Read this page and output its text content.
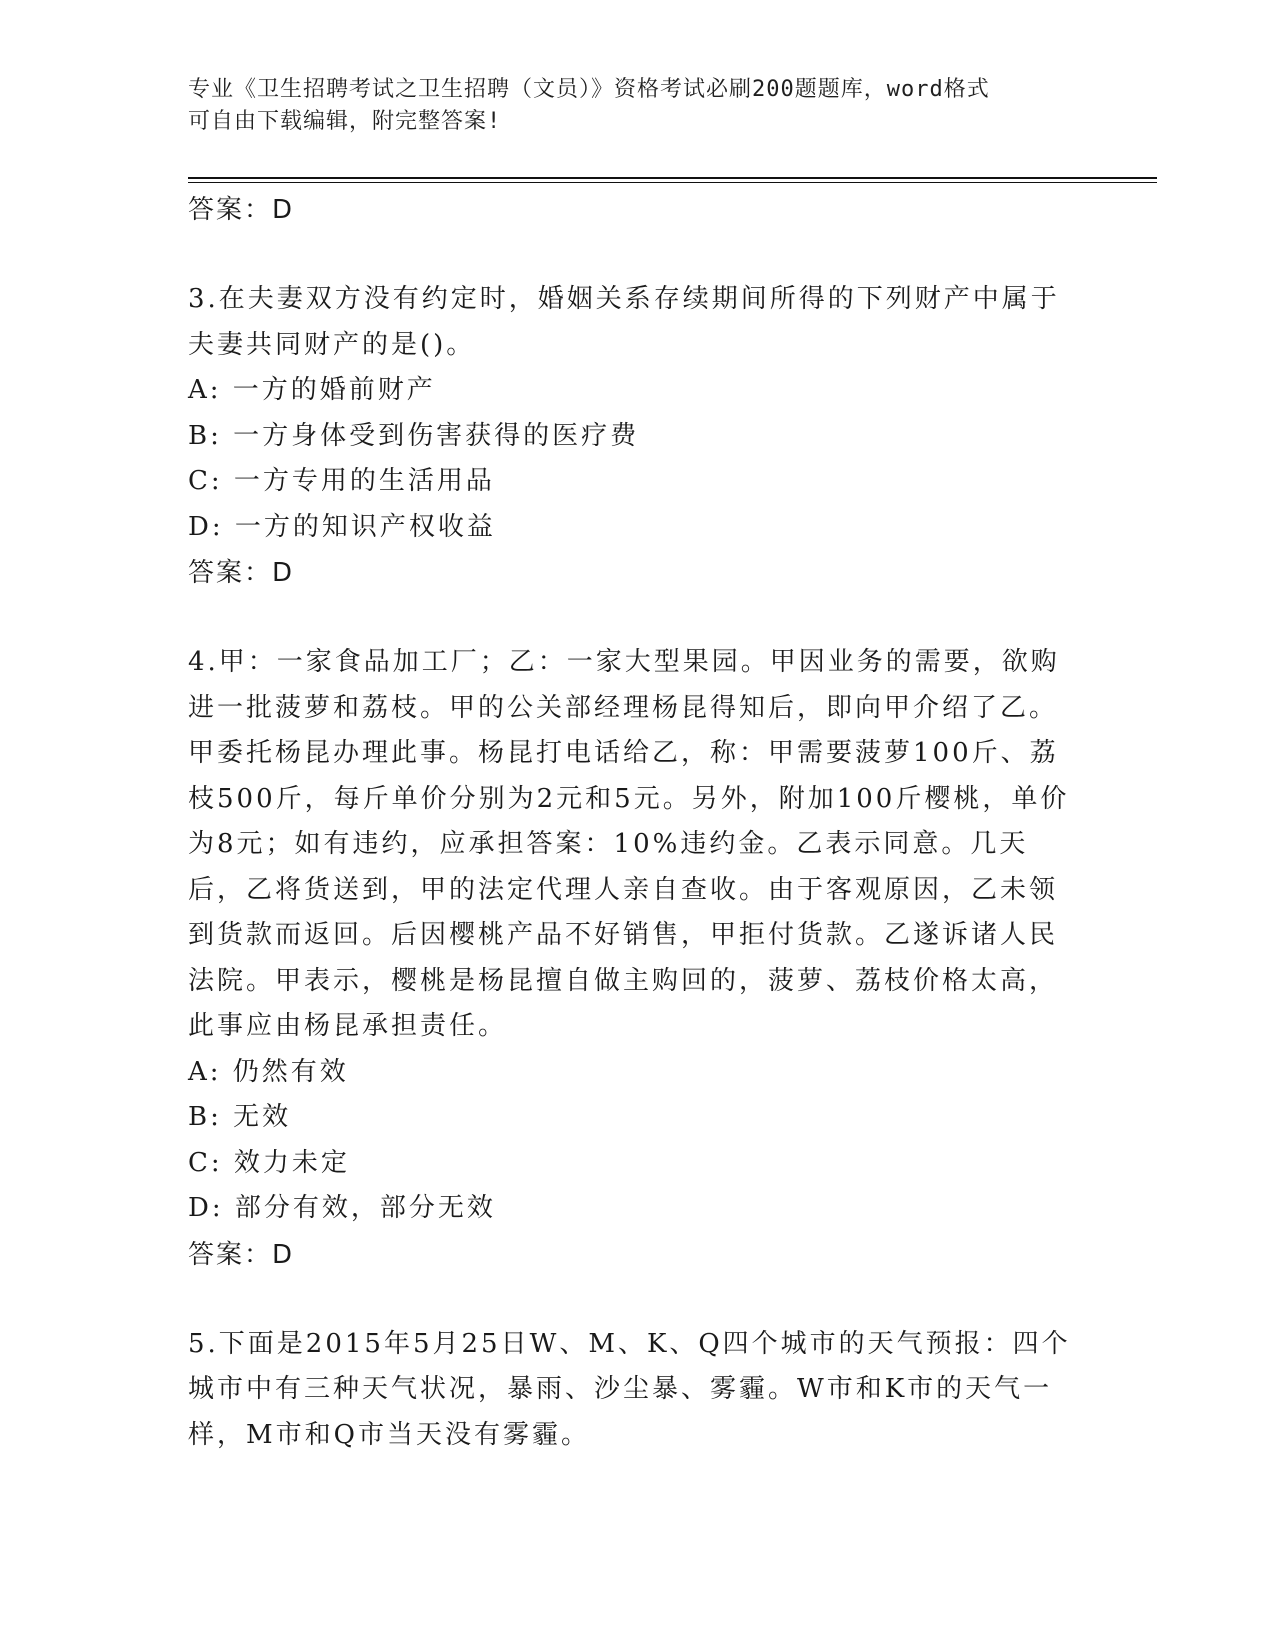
专业《卫生招聘考试之卫生招聘（文员）》资格考试必刷200题题库，word格式
可自由下载编辑，附完整答案!

答案：D

3.在夫妻双方没有约定时，婚姻关系存续期间所得的下列财产中属于夫妻共同财产的是()。

A: 一方的婚前财产

B: 一方身体受到伤害获得的医疗费

C: 一方专用的生活用品

D: 一方的知识产权收益

答案：D

4.甲：一家食品加工厂；乙：一家大型果园。甲因业务的需要，欲购进一批菠萝和荔枝。甲的公关部经理杨昆得知后，即向甲介绍了乙。甲委托杨昆办理此事。杨昆打电话给乙，称：甲需要菠萝100斤、荔枝500斤，每斤单价分别为2元和5元。另外，附加100斤樱桃，单价为8元；如有违约，应承担答案：10%违约金。乙表示同意。几天后，乙将货送到，甲的法定代理人亲自查收。由于客观原因，乙未领到货款而返回。后因樱桃产品不好销售，甲拒付货款。乙遂诉诸人民法院。甲表示，樱桃是杨昆擅自做主购回的，菠萝、荔枝价格太高，此事应由杨昆承担责任。

A: 仍然有效

B: 无效

C: 效力未定

D: 部分有效，部分无效

答案：D

5.下面是2015年5月25日W、M、K、Q四个城市的天气预报：四个城市中有三种天气状况，暴雨、沙尘暴、雾霾。W市和K市的天气一样，M市和Q市当天没有雾霾。
